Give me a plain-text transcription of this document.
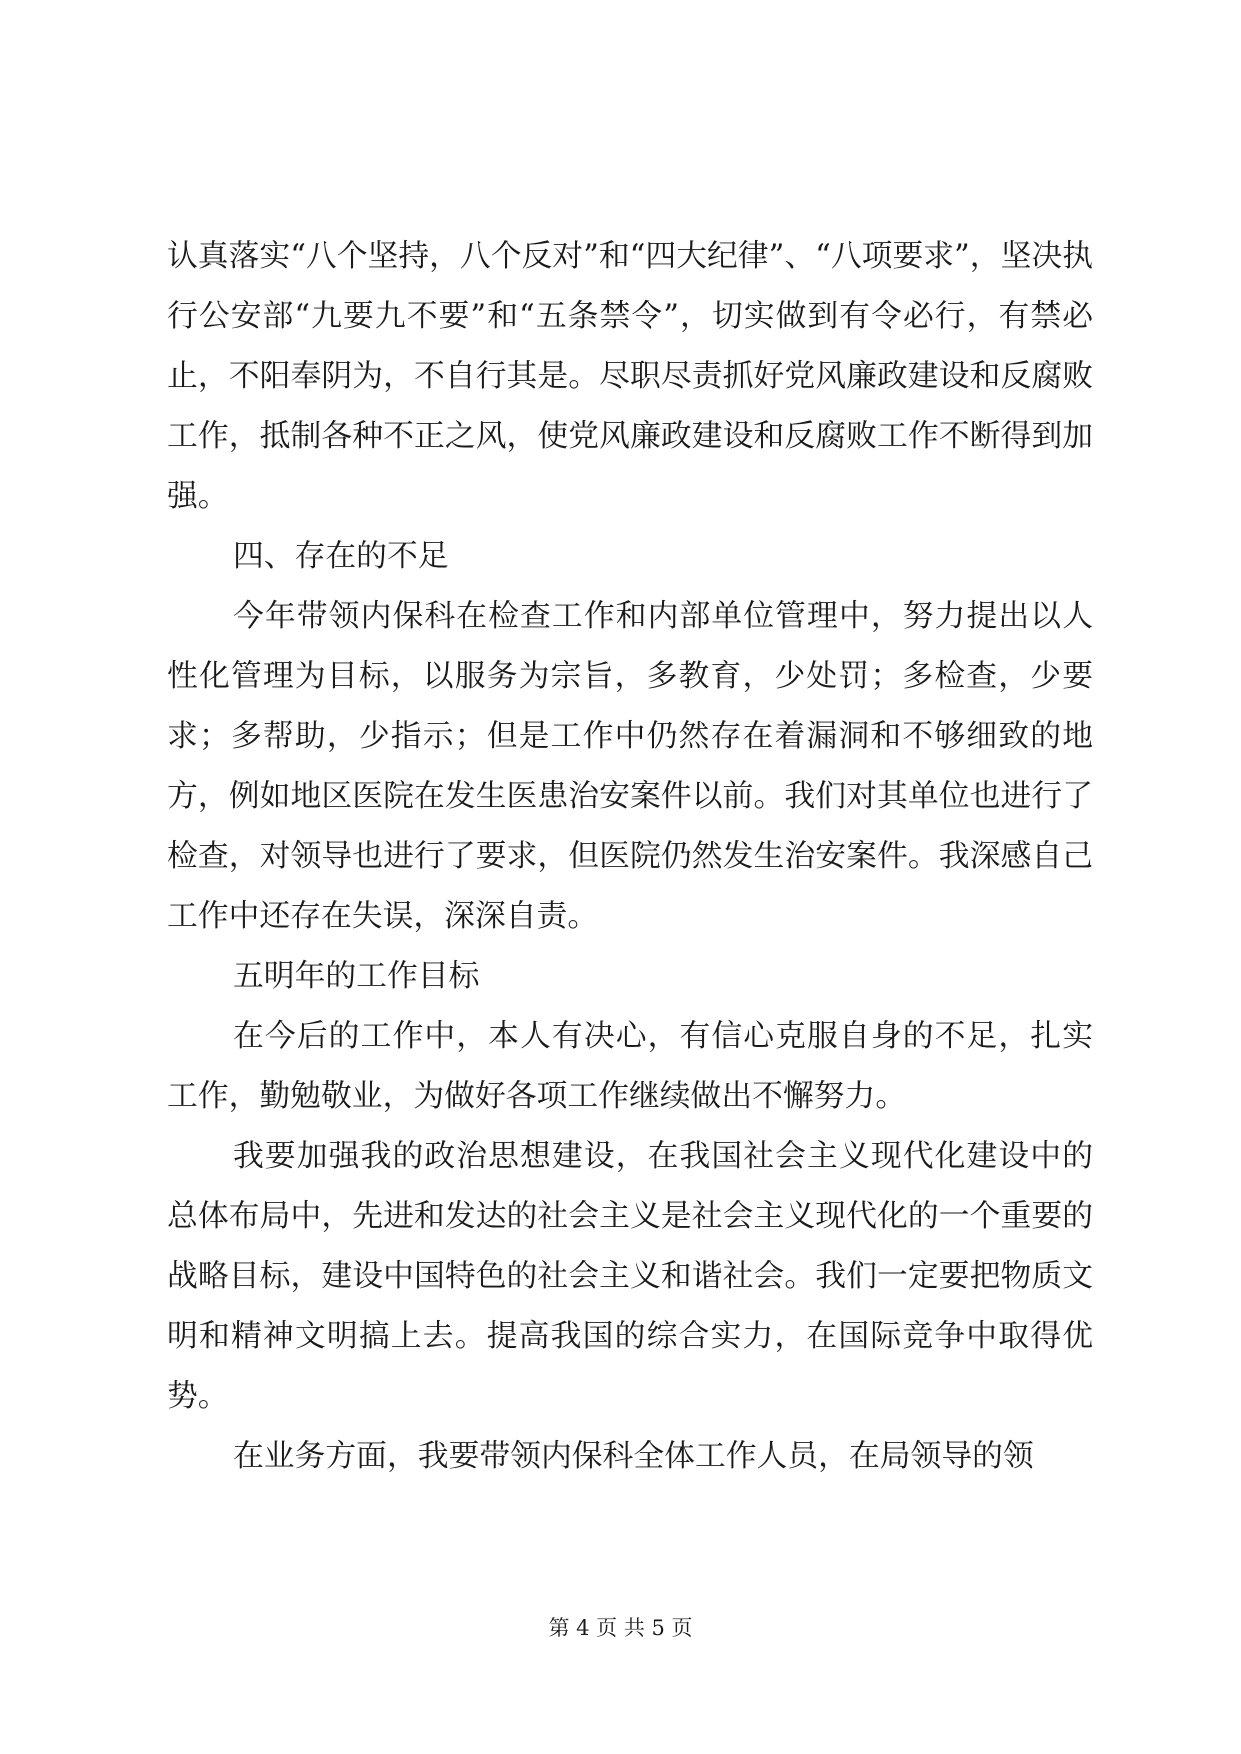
认真落实“八个坚持，八个反对”和“四大纪律”、“八项要求”，坚决执行公安部“九要九不要”和“五条禁令”，切实做到有令必行，有禁必止，不阳奉阴为，不自行其是。尽职尽责抓好党风廉政建设和反腐败工作，抵制各种不正之风，使党风廉政建设和反腐败工作不断得到加强。

四、存在的不足

今年带领内保科在检查工作和内部单位管理中，努力提出以人性化管理为目标，以服务为宗旨，多教育，少处罚；多检查，少要求；多帮助，少指示；但是工作中仍然存在着漏洞和不够细致的地方，例如地区医院在发生医患治安案件以前。我们对其单位也进行了检查，对领导也进行了要求，但医院仍然发生治安案件。我深感自己工作中还存在失误，深深自责。

五明年的工作目标

在今后的工作中，本人有决心，有信心克服自身的不足，扎实工作，勤勉敬业，为做好各项工作继续做出不懈努力。

我要加强我的政治思想建设，在我国社会主义现代化建设中的总体布局中，先进和发达的社会主义是社会主义现代化的一个重要的战略目标，建设中国特色的社会主义和谐社会。我们一定要把物质文明和精神文明搞上去。提高我国的综合实力，在国际竞争中取得优势。

在业务方面，我要带领内保科全体工作人员，在局领导的领

第 4 页 共 5 页
